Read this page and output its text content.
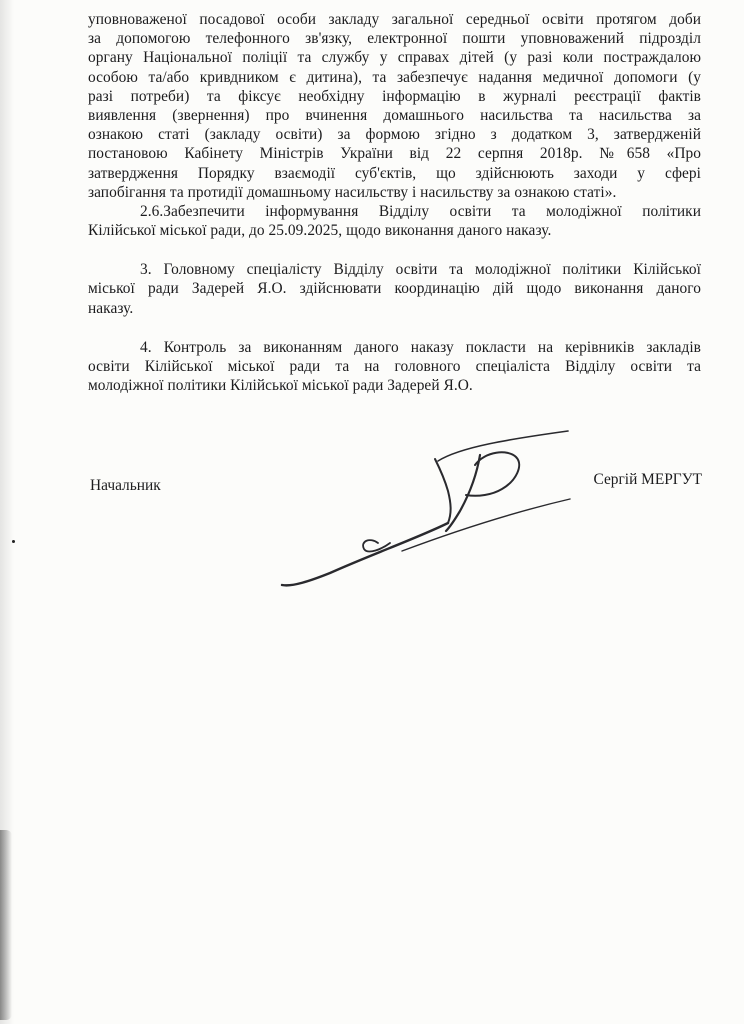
уповноваженої посадової особи закладу загальної середньої освіти протягом доби
за допомогою телефонного зв'язку, електронної пошти уповноважений підрозділ
органу Національної поліції та службу у справах дітей (у разі коли постраждалою
особою та/або кривдником є дитина), та забезпечує надання медичної допомоги (у
разі потреби) та фіксує необхідну інформацію в журналі реєстрації фактів
виявлення (звернення) про вчинення домашнього насильства та насильства за
ознакою статі (закладу освіти) за формою згідно з додатком 3, затвердженій
постановою Кабінету Міністрів України від 22 серпня 2018р. №658 «Про
затвердження Порядку взаємодії суб'єктів, що здійснюють заходи у сфері
запобігання та протидії домашньому насильству і насильству за ознакою статі».
2.6.Забезпечити інформування Відділу освіти та молодіжної політики
Кілійської міської ради, до 25.09.2025, щодо виконання даного наказу.
3. Головному спеціалісту Відділу освіти та молодіжної політики Кілійської
міської ради Задерей Я.О. здійснювати координацію дій щодо виконання даного
наказу.
4. Контроль за виконанням даного наказу покласти на керівників закладів
освіти Кілійської міської ради та на головного спеціаліста Відділу освіти та
молодіжної політики Кілійської міської ради Задерей Я.О.
Начальник	Сергій МЕРГУТ
